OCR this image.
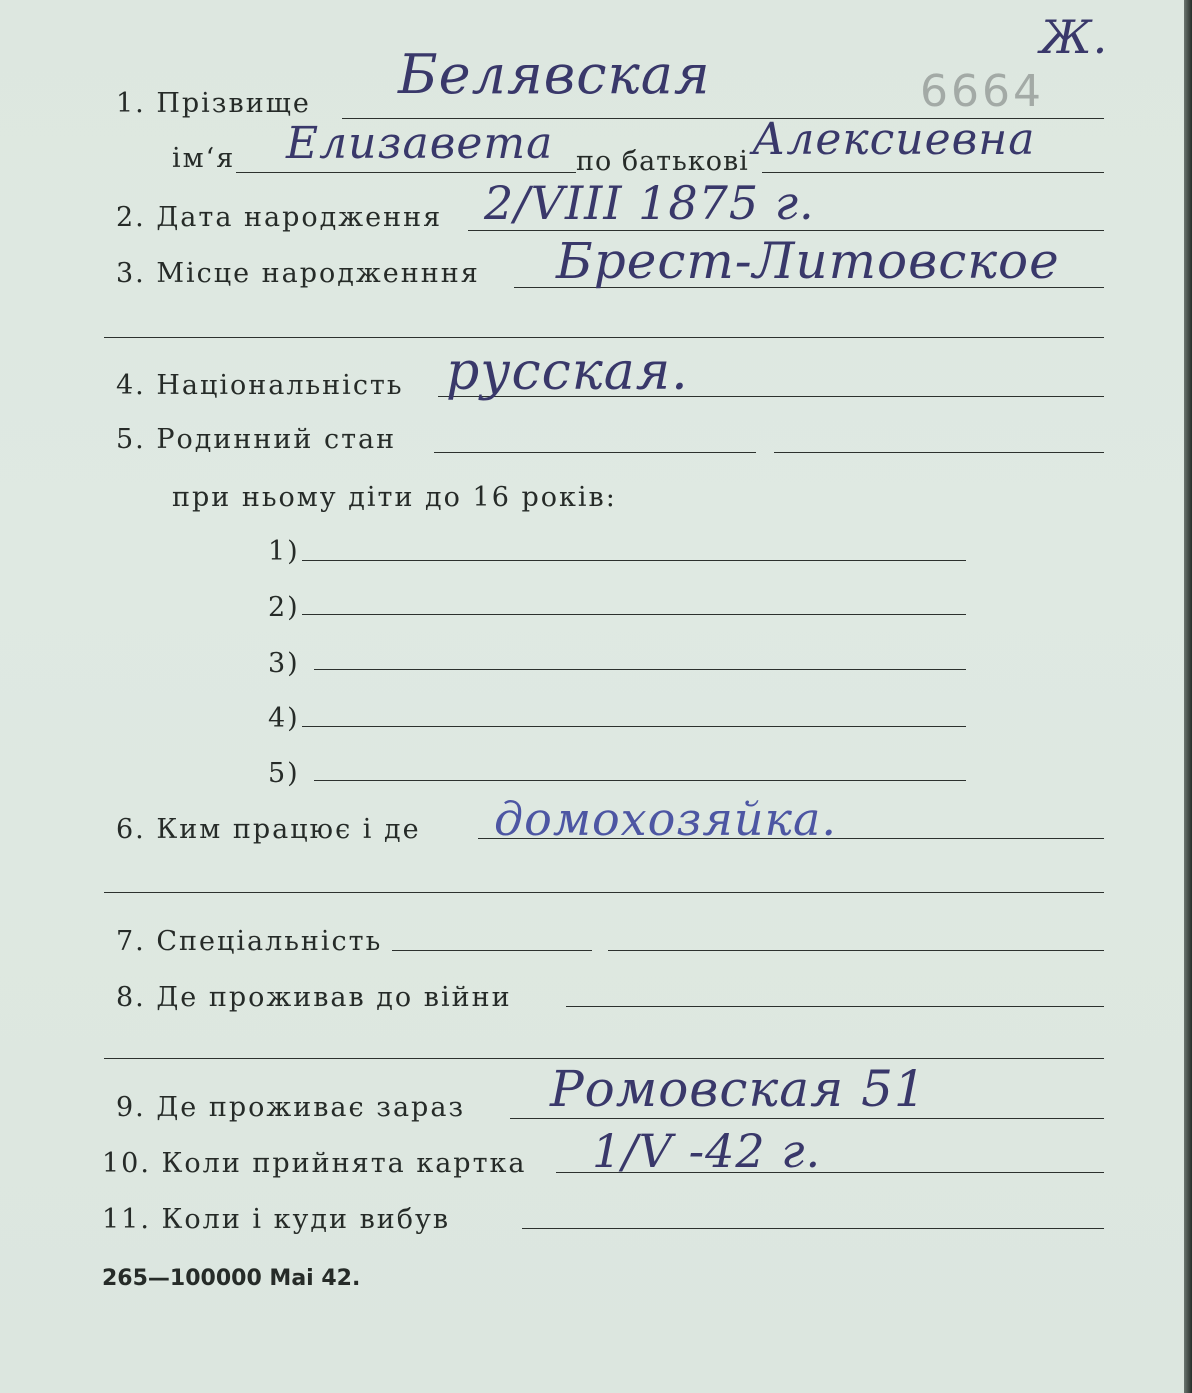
Ж.
6664
1. Прізвище Белявская
ім‘я Елизавета по батькові Алексиевна
2. Дата народження 2/VIII 1875 г.
3. Місце народженння Брест-Литовское
4. Національність русская.
5. Родинний стан
при ньому діти до 16 років:
1)
2)
3)
4)
5)
6. Ким працює і де домохозяйка.
7. Спеціальність
8. Де проживав до війни
9. Де проживає зараз Ромовская 51
10. Коли прийнята картка 1/V -42 г.
11. Коли і куди вибув
265—100000 Mai 42.
